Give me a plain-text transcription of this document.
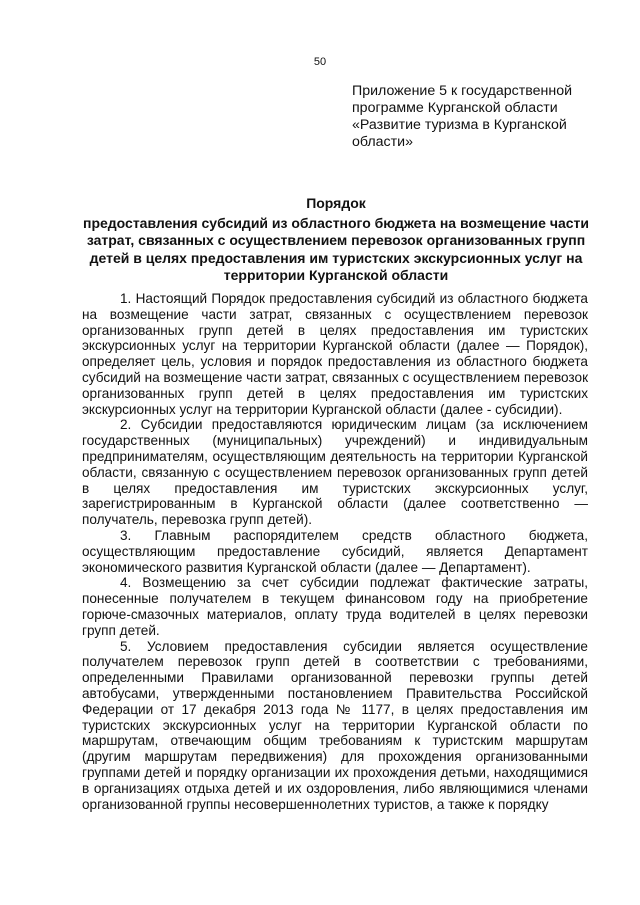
50
Приложение 5 к государственной
программе Курганской области
«Развитие туризма в Курганской
области»
Порядок
предоставления субсидий из областного бюджета на возмещение части
затрат, связанных с осуществлением перевозок организованных групп
детей в целях предоставления им туристских экскурсионных услуг на
территории Курганской области

1. Настоящий Порядок предоставления субсидий из областного бюджета на возмещение части затрат, связанных с осуществлением перевозок организованных групп детей в целях предоставления им туристских экскурсионных услуг на территории Курганской области (далее — Порядок), определяет цель, условия и порядок предоставления из областного бюджета субсидий на возмещение части затрат, связанных с осуществлением перевозок организованных групп детей в целях предоставления им туристских экскурсионных услуг на территории Курганской области (далее - субсидии).

2. Субсидии предоставляются юридическим лицам (за исключением государственных (муниципальных) учреждений) и индивидуальным предпринимателям, осуществляющим деятельность на территории Курганской области, связанную с осуществлением перевозок организованных групп детей в целях предоставления им туристских экскурсионных услуг, зарегистрированным в Курганской области (далее соответственно — получатель, перевозка групп детей).

3. Главным распорядителем средств областного бюджета, осуществляющим предоставление субсидий, является Департамент экономического развития Курганской области (далее — Департамент).

4. Возмещению за счет субсидии подлежат фактические затраты, понесенные получателем в текущем финансовом году на приобретение горюче-смазочных материалов, оплату труда водителей в целях перевозки групп детей.

5. Условием предоставления субсидии является осуществление получателем перевозок групп детей в соответствии с требованиями, определенными Правилами организованной перевозки группы детей автобусами, утвержденными постановлением Правительства Российской Федерации от 17 декабря 2013 года № 1177, в целях предоставления им туристских экскурсионных услуг на территории Курганской области по маршрутам, отвечающим общим требованиям к туристским маршрутам (другим маршрутам передвижения) для прохождения организованными группами детей и порядку организации их прохождения детьми, находящимися в организациях отдыха детей и их оздоровления, либо являющимися членами организованной группы несовершеннолетних туристов, а также к порядку
